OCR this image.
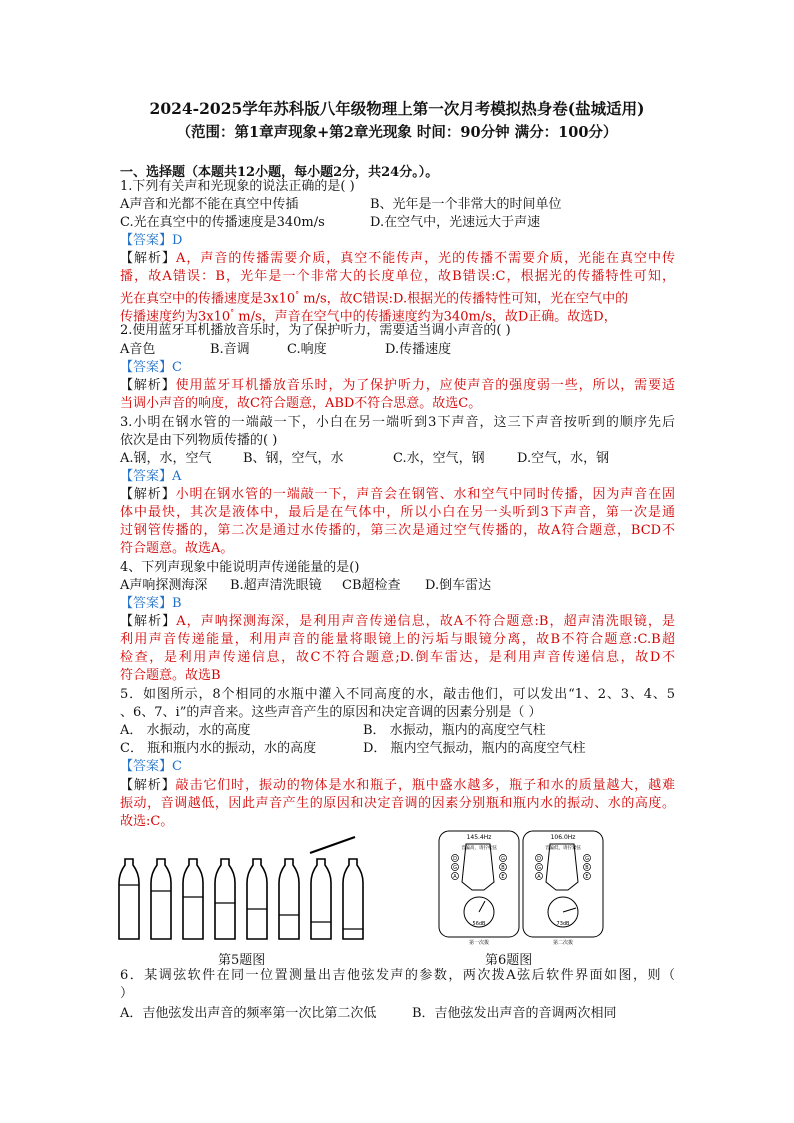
2024-2025学年苏科版八年级物理上第一次月考模拟热身卷(盐城适用)
（范围：第1章声现象+第2章光现象 时间：90分钟 满分：100分）
一、选择题（本题共12小题，每小题2分，共24分。）。
1.下列有关声和光现象的说法正确的是( )
A声音和光都不能在真空中传插	B、光年是一个非常大的时间单位
C.光在真空中的传播速度是340m/s	D.在空气中，光速远大于声速
【答案】D
【解析】A，声音的传播需要介质，真空不能传声，光的传播不需要介质，光能在真空中传
播，故A错误：B，光年是一个非常大的长度单位，故B错误:C，根据光的传播特性可知，
光在真空中的传播速度是3x10° m/s，故C错误:D.根据光的传播特性可知，光在空气中的
传播速度约为3x10° m/s，声音在空气中的传播速度约为340m/s，故D正确。故选D，
2.使用蓝牙耳机播放音乐时，为了保护听力，需要适当调小声音的( )
A音色	B.音调	C.响度	D.传播速度
【答案】C
【解析】使用蓝牙耳机播放音乐时，为了保护听力，应使声音的强度弱一些，所以，需要适
当调小声音的响度，故C符合题意，ABD不符合思意。故选C。
3.小明在钢水管的一端敲一下，小白在另一端听到3下声音，这三下声音按听到的顺序先后
依次是由下列物质传播的( )
A.钢，水，空气 B、钢，空气，水	C.水，空气，钢 D.空气，水，钢
【答案】A
【解析】小明在钢水管的一端敲一下，声音会在钢管、水和空气中同时传播，因为声音在固
体中最快，其次是液体中，最后是在气体中，所以小白在另一头听到3下声音，第一次是通
过钢管传播的，第二次是通过水传播的，第三次是通过空气传播的，故A符合题意，BCD不
符合题意。故选A。
4、下列声现象中能说明声传递能量的是()
A声响探测海深 B.超声清洗眼镜 CB超检查 D.倒车雷达
【答案】B
【解析】A，声呐探测海深，是利用声音传递信息，故A不符合题意:B，超声清洗眼镜，是
利用声音传递能量，利用声音的能量将眼镜上的污垢与眼镜分离，故B不符合题意:C.B超
检查，是利用声传递信息，故C不符合题意;D.倒车雷达，是利用声音传递信息，故D不
符合题意。故选B
5．如图所示，8个相同的水瓶中灌入不同高度的水，敲击他们，可以发出“1、2、3、4、5
、6、7、i”的声音来。这些声音产生的原因和决定音调的因素分别是（ ）
A． 水振动，水的高度	B． 水振动，瓶内的高度空气柱
C． 瓶和瓶内水的振动，水的高度	D． 瓶内空气振动，瓶内的高度空气柱
【答案】C
【解析】敲击它们时，振动的物体是水和瓶子，瓶中盛水越多，瓶子和水的质量越大，越难
振动，音调越低，因此声音产生的原因和决定音调的因素分别瓶和瓶内水的振动、水的高度。
故选:C。
第5题图
145.4Hz	106.0Hz
音偏高，请拧松弦	音偏低，请拧紧弦
56dB	73dB
第一次拨	第二次拨
D
G
A
G
B
E
D
G
A
G
B
E
第6题图
6．某调弦软件在同一位置测量出吉他弦发声的参数，两次拨A弦后软件界面如图，则（
）
A．吉他弦发出声音的频率第一次比第二次低	B．吉他弦发出声音的音调两次相同
